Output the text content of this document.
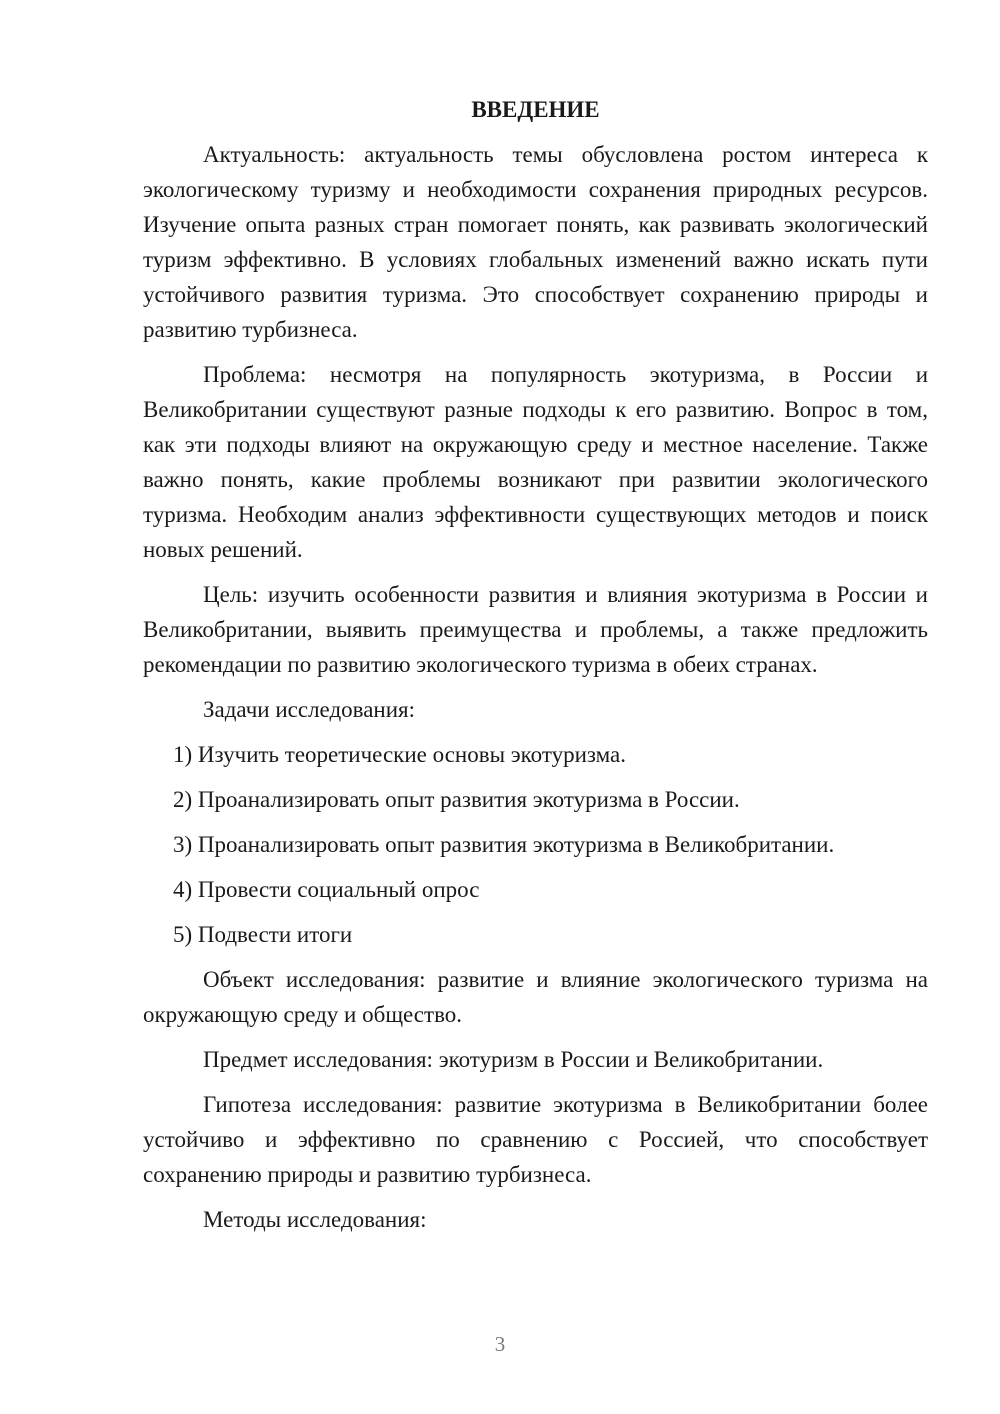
ВВЕДЕНИЕ

Актуальность: актуальность темы обусловлена ростом интереса к экологическому туризму и необходимости сохранения природных ресурсов. Изучение опыта разных стран помогает понять, как развивать экологический туризм эффективно. В условиях глобальных изменений важно искать пути устойчивого развития туризма. Это способствует сохранению природы и развитию турбизнеса.

Проблема: несмотря на популярность экотуризма, в России и Великобритании существуют разные подходы к его развитию. Вопрос в том, как эти подходы влияют на окружающую среду и местное население. Также важно понять, какие проблемы возникают при развитии экологического туризма. Необходим анализ эффективности существующих методов и поиск новых решений.

Цель: изучить особенности развития и влияния экотуризма в России и Великобритании, выявить преимущества и проблемы, а также предложить рекомендации по развитию экологического туризма в обеих странах.

Задачи исследования:

1) Изучить теоретические основы экотуризма.

2) Проанализировать опыт развития экотуризма в России.

3) Проанализировать опыт развития экотуризма в Великобритании.

4) Провести социальный опрос

5) Подвести итоги

Объект исследования: развитие и влияние экологического туризма на окружающую среду и общество.

Предмет исследования: экотуризм в России и Великобритании.

Гипотеза исследования: развитие экотуризма в Великобритании более устойчиво и эффективно по сравнению с Россией, что способствует сохранению природы и развитию турбизнеса.

Методы исследования:

3
